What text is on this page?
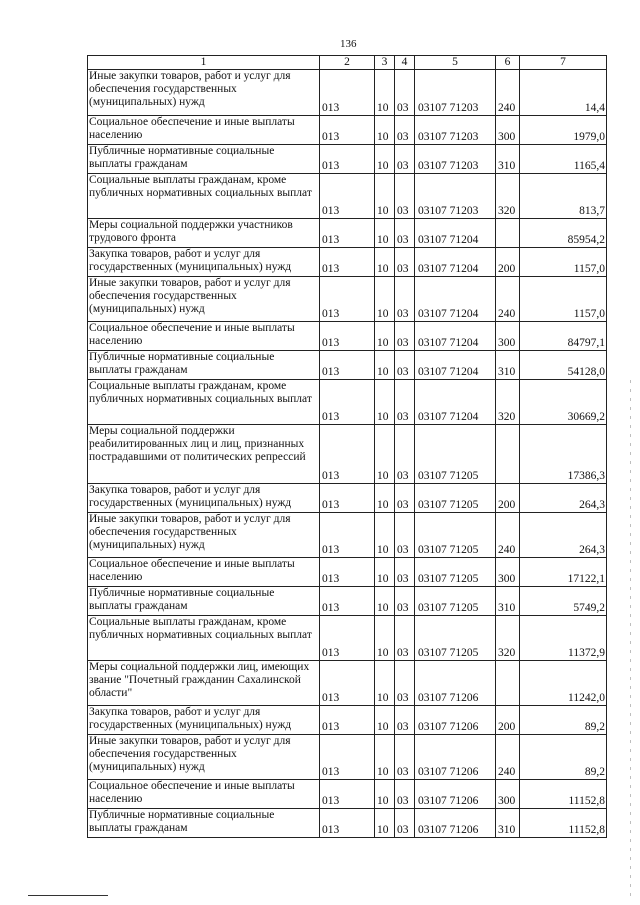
136
1	2	3	4	5	6	7
Иные закупки товаров, работ и услуг для обеспечения государственных (муниципальных) нужд	013	10	03	03107 71203	240	14,4
Социальное обеспечение и иные выплаты населению	013	10	03	03107 71203	300	1979,0
Публичные нормативные социальные выплаты гражданам	013	10	03	03107 71203	310	1165,4
Социальные выплаты гражданам, кроме публичных нормативных социальных выплат	013	10	03	03107 71203	320	813,7
Меры социальной поддержки участников трудового фронта	013	10	03	03107 71204		85954,2
Закупка товаров, работ и услуг для государственных (муниципальных) нужд	013	10	03	03107 71204	200	1157,0
Иные закупки товаров, работ и услуг для обеспечения государственных (муниципальных) нужд	013	10	03	03107 71204	240	1157,0
Социальное обеспечение и иные выплаты населению	013	10	03	03107 71204	300	84797,1
Публичные нормативные социальные выплаты гражданам	013	10	03	03107 71204	310	54128,0
Социальные выплаты гражданам, кроме публичных нормативных социальных выплат	013	10	03	03107 71204	320	30669,2
Меры социальной поддержки реабилитированных лиц и лиц, признанных пострадавшими от политических репрессий	013	10	03	03107 71205		17386,3
Закупка товаров, работ и услуг для государственных (муниципальных) нужд	013	10	03	03107 71205	200	264,3
Иные закупки товаров, работ и услуг для обеспечения государственных (муниципальных) нужд	013	10	03	03107 71205	240	264,3
Социальное обеспечение и иные выплаты населению	013	10	03	03107 71205	300	17122,1
Публичные нормативные социальные выплаты гражданам	013	10	03	03107 71205	310	5749,2
Социальные выплаты гражданам, кроме публичных нормативных социальных выплат	013	10	03	03107 71205	320	11372,9
Меры социальной поддержки лиц, имеющих звание "Почетный гражданин Сахалинской области"	013	10	03	03107 71206		11242,0
Закупка товаров, работ и услуг для государственных (муниципальных) нужд	013	10	03	03107 71206	200	89,2
Иные закупки товаров, работ и услуг для обеспечения государственных (муниципальных) нужд	013	10	03	03107 71206	240	89,2
Социальное обеспечение и иные выплаты населению	013	10	03	03107 71206	300	11152,8
Публичные нормативные социальные выплаты гражданам	013	10	03	03107 71206	310	11152,8
